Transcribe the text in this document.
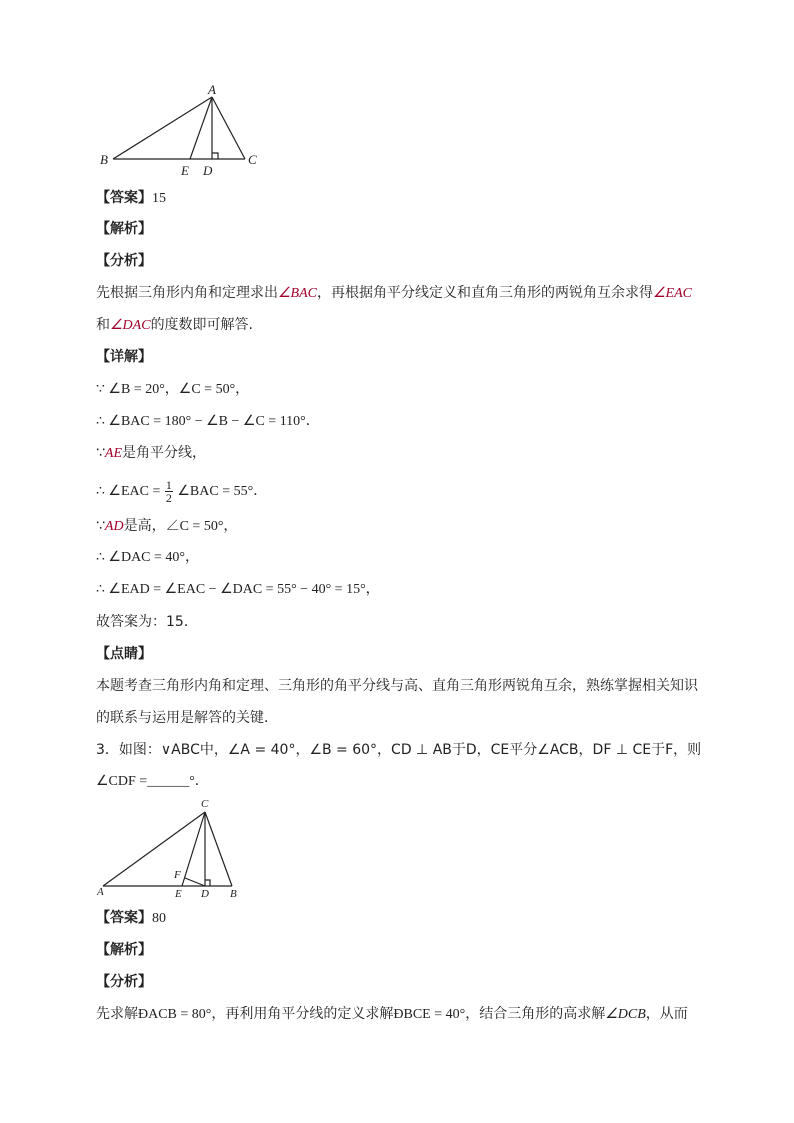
A
B	C
E D
【答案】15
【解析】
【分析】
先根据三角形内角和定理求出∠BAC，再根据角平分线定义和直角三角形的两锐角互余求得∠EAC
和∠DAC的度数即可解答.
【详解】
∵ ∠B = 20°，∠C = 50°，
∴ ∠BAC = 180° − ∠B − ∠C = 110°．
∵AE是角平分线，
∴ ∠EAC = $\frac{1}{2}$ ∠BAC = 55°．
∵AD是高，∠C = 50°，
∴ ∠DAC = 40°，
∴ ∠EAD = ∠EAC − ∠DAC = 55° − 40° = 15°，
故答案为：15．
【点睛】
本题考查三角形内角和定理、三角形的角平分线与高、直角三角形两锐角互余，熟练掌握相关知识
的联系与运用是解答的关键．
3．如图：∨ABC中，∠A = 40°，∠B = 60°，CD ⊥ AB于D，CE平分∠ACB，DF ⊥ CE于F，则
∠CDF =______°．
C
F
A	E D B
【答案】80
【解析】
【分析】
先求解ÐACB = 80°，再利用角平分线的定义求解ÐBCE = 40°，结合三角形的高求解∠DCB，从而
